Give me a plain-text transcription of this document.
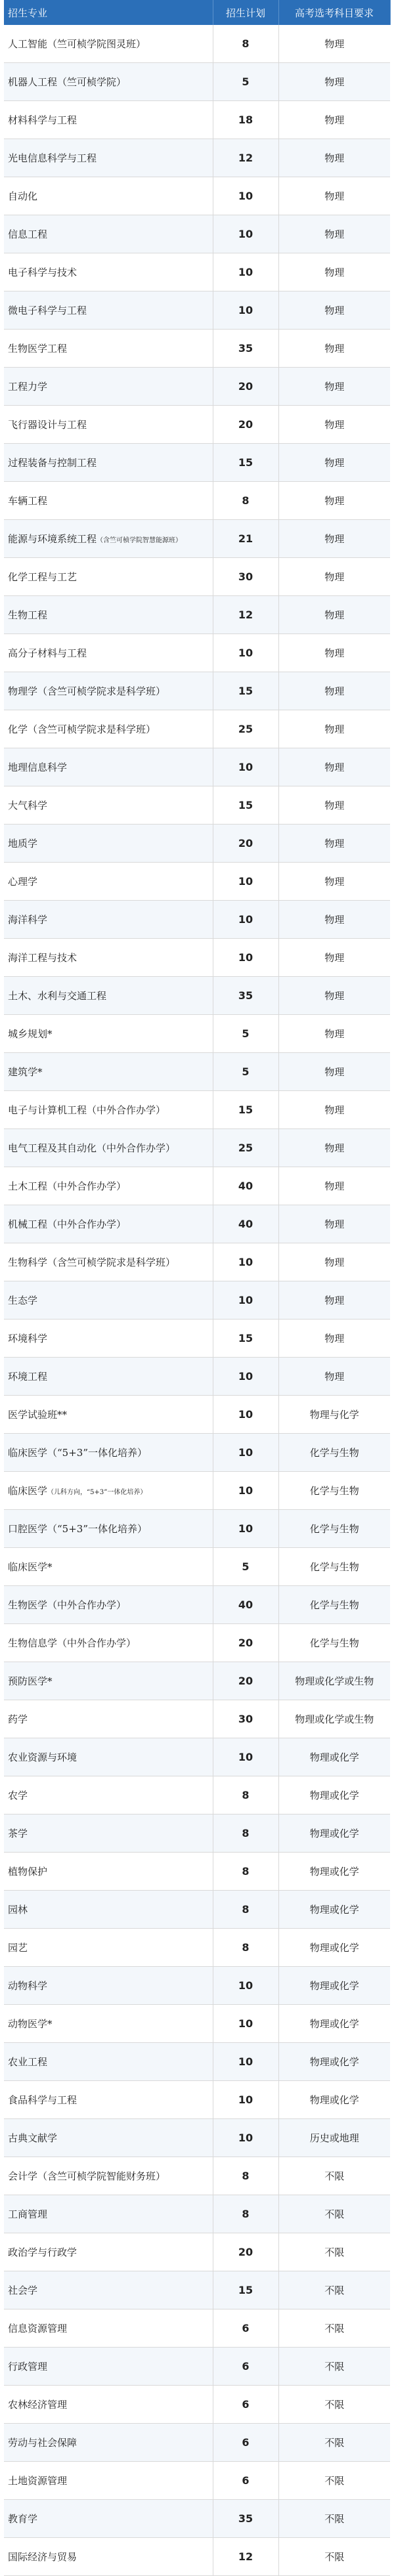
招生专业	招生计划	高考选考科目要求
人工智能（竺可桢学院图灵班）	8	物理
机器人工程（竺可桢学院）	5	物理
材料科学与工程	18	物理
光电信息科学与工程	12	物理
自动化	10	物理
信息工程	10	物理
电子科学与技术	10	物理
微电子科学与工程	10	物理
生物医学工程	35	物理
工程力学	20	物理
飞行器设计与工程	20	物理
过程装备与控制工程	15	物理
车辆工程	8	物理
能源与环境系统工程（含竺可桢学院智慧能源班）	21	物理
化学工程与工艺	30	物理
生物工程	12	物理
高分子材料与工程	10	物理
物理学（含竺可桢学院求是科学班）	15	物理
化学（含竺可桢学院求是科学班）	25	物理
地理信息科学	10	物理
大气科学	15	物理
地质学	20	物理
心理学	10	物理
海洋科学	10	物理
海洋工程与技术	10	物理
土木、水利与交通工程	35	物理
城乡规划*	5	物理
建筑学*	5	物理
电子与计算机工程（中外合作办学）	15	物理
电气工程及其自动化（中外合作办学）	25	物理
土木工程（中外合作办学）	40	物理
机械工程（中外合作办学）	40	物理
生物科学（含竺可桢学院求是科学班）	10	物理
生态学	10	物理
环境科学	15	物理
环境工程	10	物理
医学试验班**	10	物理与化学
临床医学（“5+3”一体化培养）	10	化学与生物
临床医学（儿科方向，“5+3”一体化培养）	10	化学与生物
口腔医学（“5+3”一体化培养）	10	化学与生物
临床医学*	5	化学与生物
生物医学（中外合作办学）	40	化学与生物
生物信息学（中外合作办学）	20	化学与生物
预防医学*	20	物理或化学或生物
药学	30	物理或化学或生物
农业资源与环境	10	物理或化学
农学	8	物理或化学
茶学	8	物理或化学
植物保护	8	物理或化学
园林	8	物理或化学
园艺	8	物理或化学
动物科学	10	物理或化学
动物医学*	10	物理或化学
农业工程	10	物理或化学
食品科学与工程	10	物理或化学
古典文献学	10	历史或地理
会计学（含竺可桢学院智能财务班）	8	不限
工商管理	8	不限
政治学与行政学	20	不限
社会学	15	不限
信息资源管理	6	不限
行政管理	6	不限
农林经济管理	6	不限
劳动与社会保障	6	不限
土地资源管理	6	不限
教育学	35	不限
国际经济与贸易	12	不限
